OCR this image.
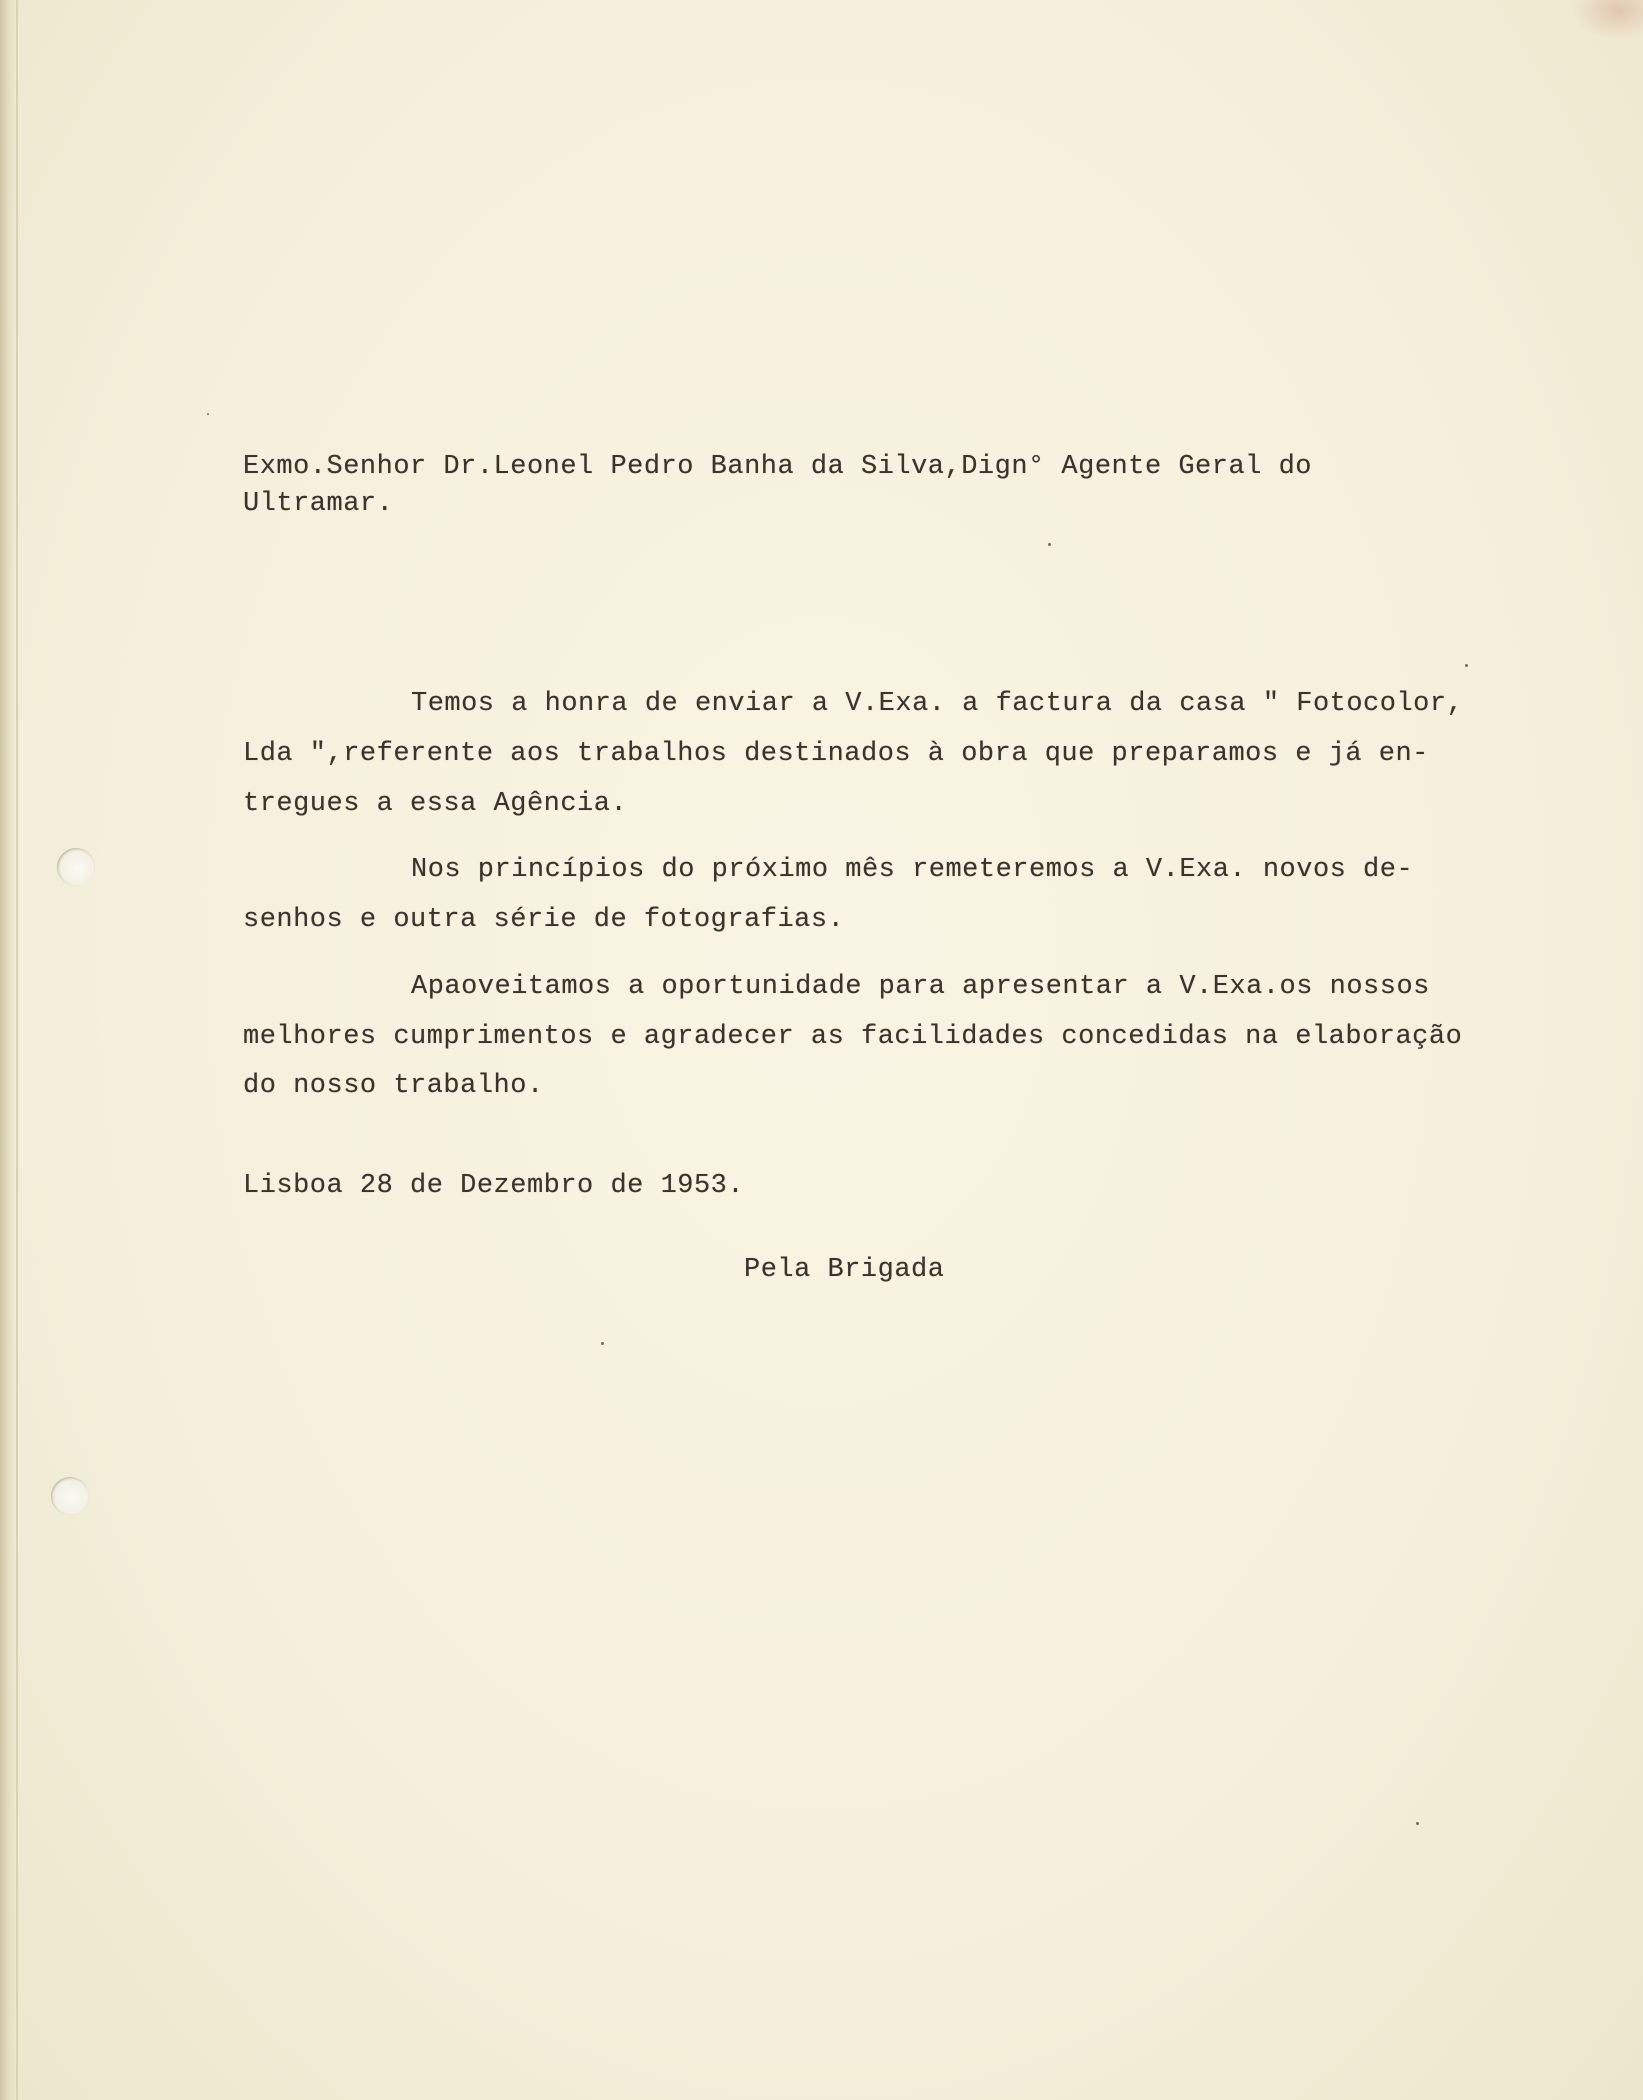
Exmo.Senhor Dr.Leonel Pedro Banha da Silva,Dign° Agente Geral do
Ultramar.
Temos a honra de enviar a V.Exa. a factura da casa " Fotocolor,
Lda ",referente aos trabalhos destinados à obra que preparamos e já en-
tregues a essa Agência.
Nos princípios do próximo mês remeteremos a V.Exa. novos de-
senhos e outra série de fotografias.
Apaoveitamos a oportunidade para apresentar a V.Exa.os nossos
melhores cumprimentos e agradecer as facilidades concedidas na elaboração
do nosso trabalho.
Lisboa 28 de Dezembro de 1953.
Pela Brigada
